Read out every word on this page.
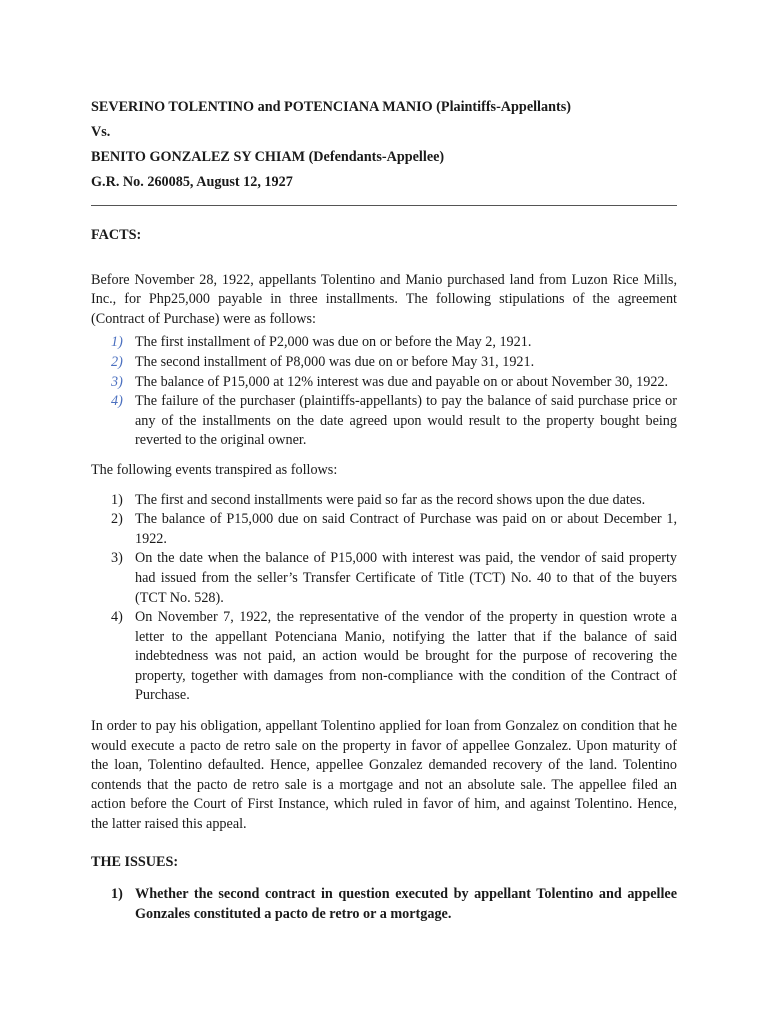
SEVERINO TOLENTINO and POTENCIANA MANIO (Plaintiffs-Appellants)
Vs.
BENITO GONZALEZ SY CHIAM (Defendants-Appellee)
G.R. No. 260085, August 12, 1927
FACTS:

Before November 28, 1922, appellants Tolentino and Manio purchased land from Luzon Rice Mills, Inc., for Php25,000 payable in three installments. The following stipulations of the agreement (Contract of Purchase) were as follows:

1) The first installment of P2,000 was due on or before the May 2, 1921.
2) The second installment of P8,000 was due on or before May 31, 1921.
3) The balance of P15,000 at 12% interest was due and payable on or about November 30, 1922.
4) The failure of the purchaser (plaintiffs-appellants) to pay the balance of said purchase price or any of the installments on the date agreed upon would result to the property bought being reverted to the original owner.

The following events transpired as follows:

1) The first and second installments were paid so far as the record shows upon the due dates.
2) The balance of P15,000 due on said Contract of Purchase was paid on or about December 1, 1922.
3) On the date when the balance of P15,000 with interest was paid, the vendor of said property had issued from the seller’s Transfer Certificate of Title (TCT) No. 40 to that of the buyers (TCT No. 528).
4) On November 7, 1922, the representative of the vendor of the property in question wrote a letter to the appellant Potenciana Manio, notifying the latter that if the balance of said indebtedness was not paid, an action would be brought for the purpose of recovering the property, together with damages from non-compliance with the condition of the Contract of Purchase.

In order to pay his obligation, appellant Tolentino applied for loan from Gonzalez on condition that he would execute a pacto de retro sale on the property in favor of appellee Gonzalez. Upon maturity of the loan, Tolentino defaulted. Hence, appellee Gonzalez demanded recovery of the land. Tolentino contends that the pacto de retro sale is a mortgage and not an absolute sale. The appellee filed an action before the Court of First Instance, which ruled in favor of him, and against Tolentino. Hence, the latter raised this appeal.

THE ISSUES:
1) Whether the second contract in question executed by appellant Tolentino and appellee Gonzales constituted a pacto de retro or a mortgage.
